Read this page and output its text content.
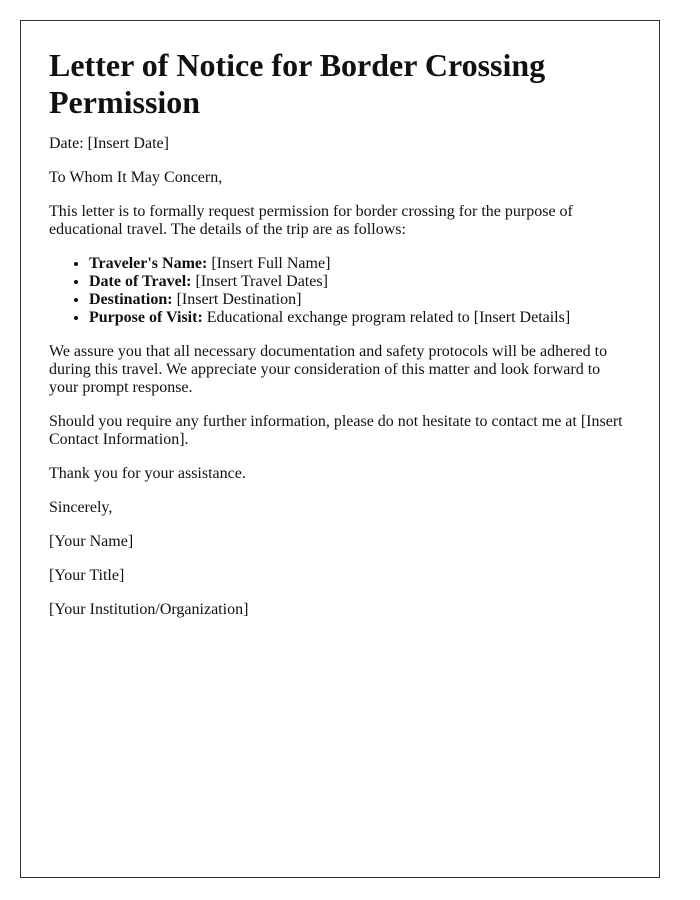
Letter of Notice for Border Crossing Permission

Date: [Insert Date]

To Whom It May Concern,

This letter is to formally request permission for border crossing for the purpose of educational travel. The details of the trip are as follows:

• Traveler's Name: [Insert Full Name]
• Date of Travel: [Insert Travel Dates]
• Destination: [Insert Destination]
• Purpose of Visit: Educational exchange program related to [Insert Details]

We assure you that all necessary documentation and safety protocols will be adhered to during this travel. We appreciate your consideration of this matter and look forward to your prompt response.

Should you require any further information, please do not hesitate to contact me at [Insert Contact Information].

Thank you for your assistance.

Sincerely,

[Your Name]

[Your Title]

[Your Institution/Organization]
